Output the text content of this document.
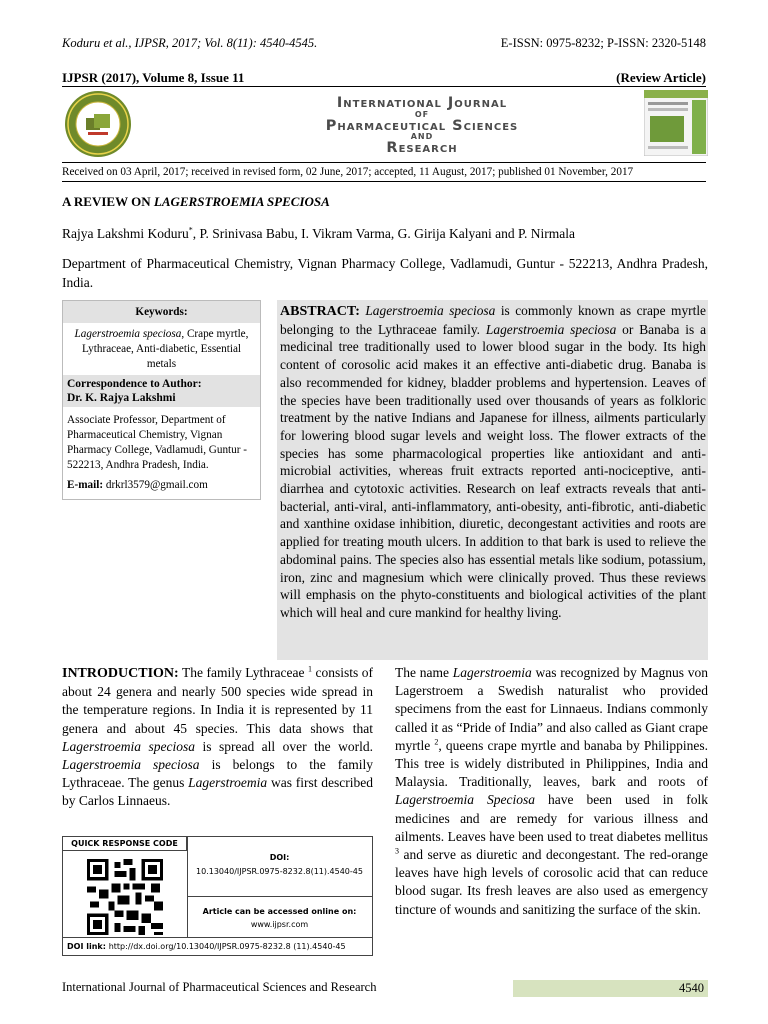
Koduru et al., IJPSR, 2017; Vol. 8(11): 4540-4545.	E-ISSN: 0975-8232; P-ISSN: 2320-5148
IJPSR (2017), Volume 8, Issue 11	(Review Article)
International Journal
OF
Pharmaceutical Sciences
AND
Research
Received on 03 April, 2017; received in revised form, 02 June, 2017; accepted, 11 August, 2017; published 01 November, 2017
A REVIEW ON LAGERSTROEMIA SPECIOSA
Rajya Lakshmi Koduru*, P. Srinivasa Babu, I. Vikram Varma, G. Girija Kalyani and P. Nirmala
Department of Pharmaceutical Chemistry, Vignan Pharmacy College, Vadlamudi, Guntur - 522213, Andhra Pradesh, India.
Keywords:
Lagerstroemia speciosa, Crape myrtle, Lythraceae, Anti-diabetic, Essential metals
Correspondence to Author:
Dr. K. Rajya Lakshmi
Associate Professor, Department of Pharmaceutical Chemistry, Vignan Pharmacy College, Vadlamudi, Guntur - 522213, Andhra Pradesh, India.
E-mail: drkrl3579@gmail.com
ABSTRACT: Lagerstroemia speciosa is commonly known as crape myrtle belonging to the Lythraceae family. Lagerstroemia speciosa or Banaba is a medicinal tree traditionally used to lower blood sugar in the body. Its high content of corosolic acid makes it an effective anti-diabetic drug. Banaba is also recommended for kidney, bladder problems and hypertension. Leaves of the species have been traditionally used over thousands of years as folkloric treatment by the native Indians and Japanese for illness, ailments particularly for lowering blood sugar levels and weight loss. The flower extracts of the species has some pharmacological properties like antioxidant and anti-microbial activities, whereas fruit extracts reported anti-nociceptive, anti-diarrhea and cytotoxic activities. Research on leaf extracts reveals that anti-bacterial, anti-viral, anti-inflammatory, anti-obesity, anti-fibrotic, anti-diabetic and xanthine oxidase inhibition, diuretic, decongestant activities and roots are applied for treating mouth ulcers. In addition to that bark is used to relieve the abdominal pains. The species also has essential metals like sodium, potassium, iron, zinc and magnesium which were clinically proved. Thus these reviews will emphasis on the phyto-constituents and biological activities of the plant which will heal and cure mankind for healthy living.
INTRODUCTION: The family Lythraceae $^1$ consists of about 24 genera and nearly 500 species wide spread in the temperature regions. In India it is represented by 11 genera and about 45 species. This data shows that Lagerstroemia speciosa is spread all over the world. Lagerstroemia speciosa is belongs to the family Lythraceae. The genus Lagerstroemia was first described by Carlos Linnaeus.
QUICK RESPONSE CODE
DOI:
10.13040/IJPSR.0975-8232.8(11).4540-45
Article can be accessed online on:
www.ijpsr.com
DOI link: http://dx.doi.org/10.13040/IJPSR.0975-8232.8 (11).4540-45
The name Lagerstroemia was recognized by Magnus von Lagerstroem a Swedish naturalist who provided specimens from the east for Linnaeus. Indians commonly called it as “Pride of India” and also called as Giant crape myrtle $^2$, queens crape myrtle and banaba by Philippines. This tree is widely distributed in Philippines, India and Malaysia. Traditionally, leaves, bark and roots of Lagerstroemia Speciosa have been used in folk medicines and are remedy for various illness and ailments. Leaves have been used to treat diabetes mellitus $^3$ and serve as diuretic and decongestant. The red-orange leaves have high levels of corosolic acid that can reduce blood sugar. Its fresh leaves are also used as emergency tincture of wounds and sanitizing the surface of the skin.
International Journal of Pharmaceutical Sciences and Research	4540
